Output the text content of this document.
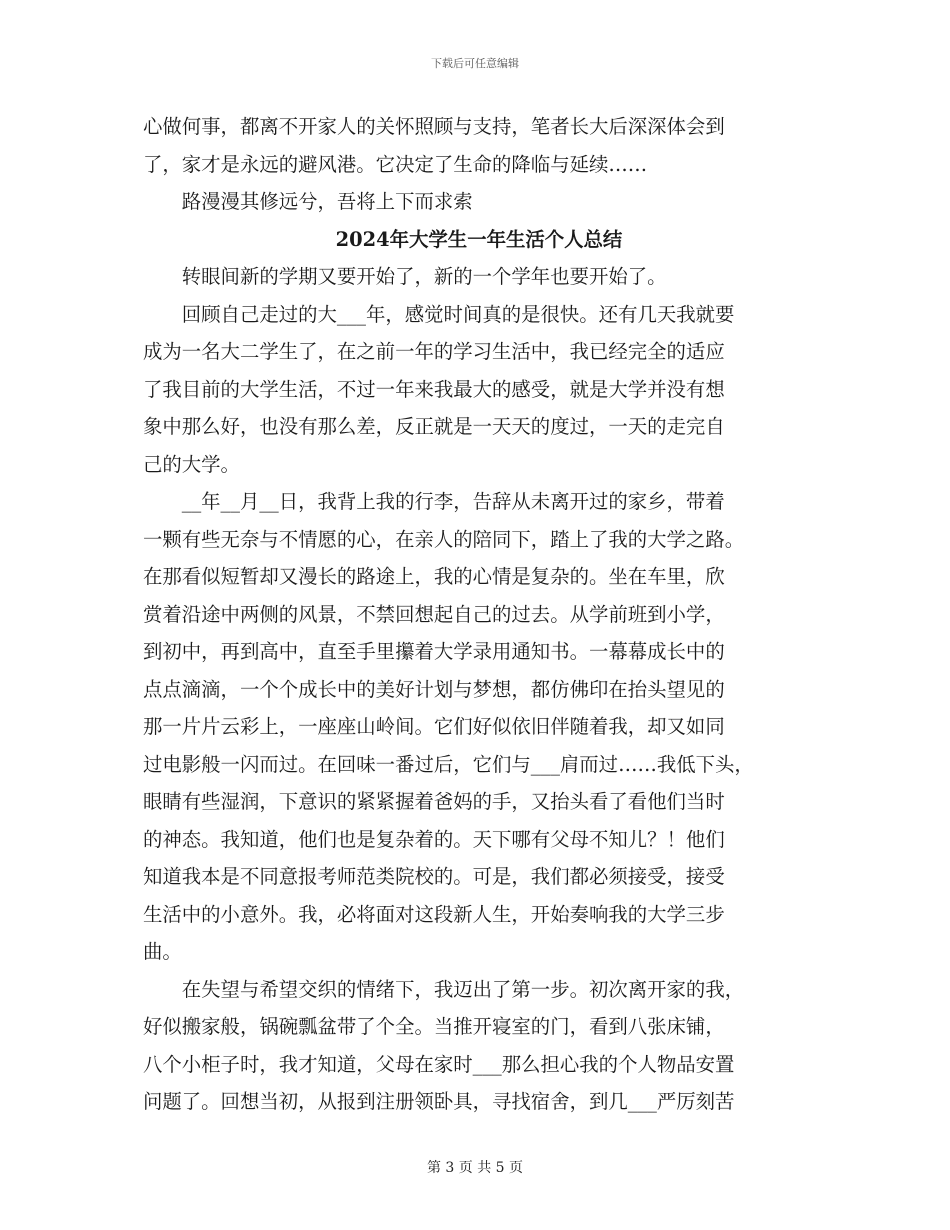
下载后可任意编辑
心做何事，都离不开家人的关怀照顾与支持，笔者长大后深深体会到
了，家才是永远的避风港。它决定了生命的降临与延续……
　　路漫漫其修远兮，吾将上下而求索
2024年大学生一年生活个人总结
　　转眼间新的学期又要开始了，新的一个学年也要开始了。
　　回顾自己走过的大___年，感觉时间真的是很快。还有几天我就要
成为一名大二学生了，在之前一年的学习生活中，我已经完全的适应
了我目前的大学生活，不过一年来我最大的感受，就是大学并没有想
象中那么好，也没有那么差，反正就是一天天的度过，一天的走完自
己的大学。
　　__年__月__日，我背上我的行李，告辞从未离开过的家乡，带着
一颗有些无奈与不情愿的心，在亲人的陪同下，踏上了我的大学之路。
在那看似短暂却又漫长的路途上，我的心情是复杂的。坐在车里，欣
赏着沿途中两侧的风景，不禁回想起自己的过去。从学前班到小学，
到初中，再到高中，直至手里攥着大学录用通知书。一幕幕成长中的
点点滴滴，一个个成长中的美好计划与梦想，都仿佛印在抬头望见的
那一片片云彩上，一座座山岭间。它们好似依旧伴随着我，却又如同
过电影般一闪而过。在回味一番过后，它们与___肩而过……我低下头，
眼睛有些湿润，下意识的紧紧握着爸妈的手，又抬头看了看他们当时
的神态。我知道，他们也是复杂着的。天下哪有父母不知儿？！他们
知道我本是不同意报考师范类院校的。可是，我们都必须接受，接受
生活中的小意外。我，必将面对这段新人生，开始奏响我的大学三步
曲。
　　在失望与希望交织的情绪下，我迈出了第一步。初次离开家的我，
好似搬家般，锅碗瓢盆带了个全。当推开寝室的门，看到八张床铺，
八个小柜子时，我才知道，父母在家时___那么担心我的个人物品安置
问题了。回想当初，从报到注册领卧具，寻找宿舍，到几___严厉刻苦
第 3 页 共 5 页
